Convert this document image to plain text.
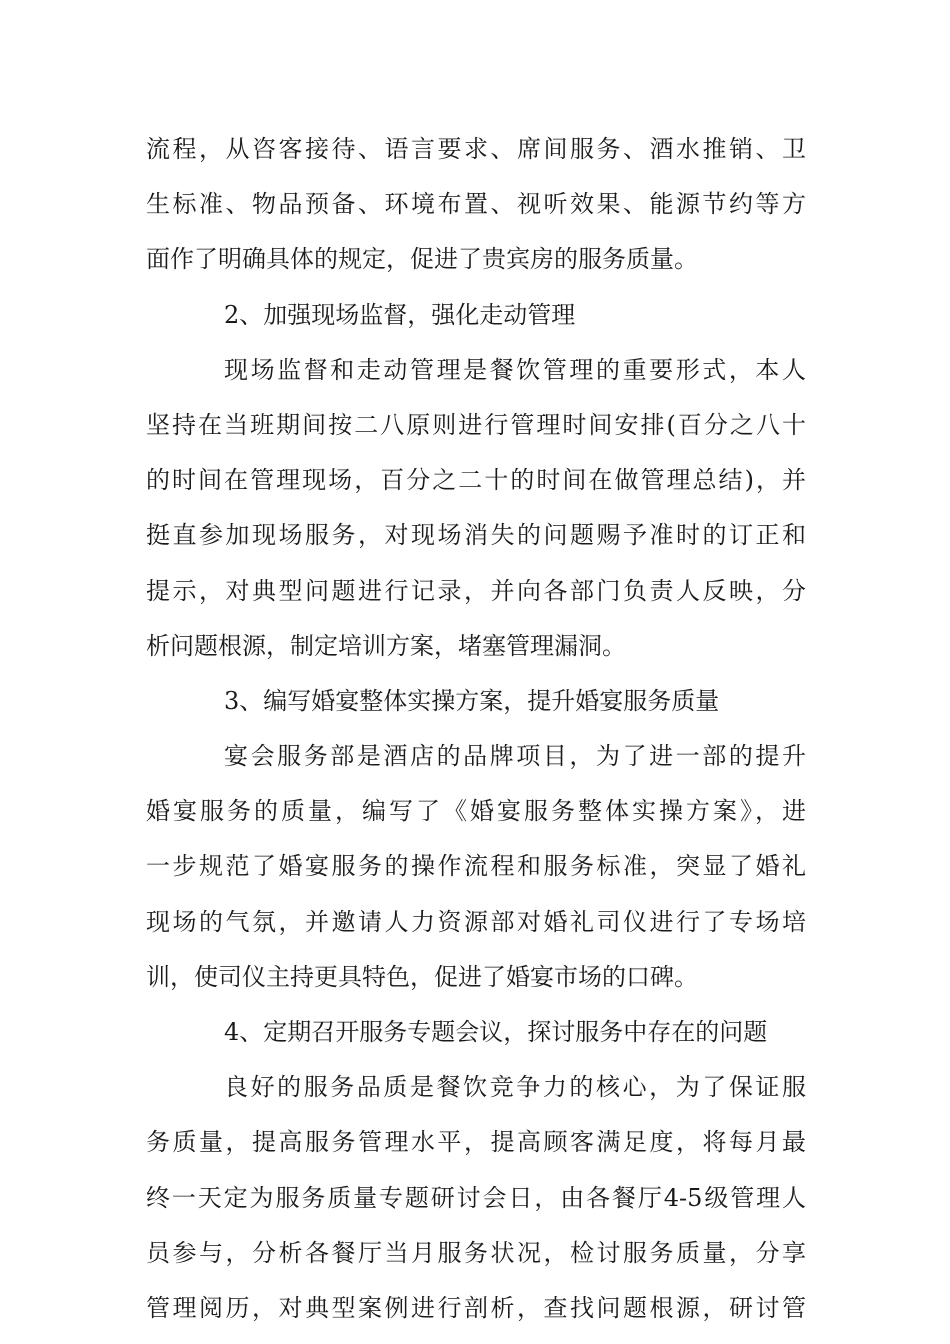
流程，从咨客接待、语言要求、席间服务、酒水推销、卫
生标准、物品预备、环境布置、视听效果、能源节约等方
面作了明确具体的规定，促进了贵宾房的服务质量。
2、加强现场监督，强化走动管理
现场监督和走动管理是餐饮管理的重要形式，本人
坚持在当班期间按二八原则进行管理时间安排(百分之八十
的时间在管理现场，百分之二十的时间在做管理总结)，并
挺直参加现场服务，对现场消失的问题赐予准时的订正和
提示，对典型问题进行记录，并向各部门负责人反映，分
析问题根源，制定培训方案，堵塞管理漏洞。
3、编写婚宴整体实操方案，提升婚宴服务质量
宴会服务部是酒店的品牌项目，为了进一部的提升
婚宴服务的质量，编写了《婚宴服务整体实操方案》，进
一步规范了婚宴服务的操作流程和服务标准，突显了婚礼
现场的气氛，并邀请人力资源部对婚礼司仪进行了专场培
训，使司仪主持更具特色，促进了婚宴市场的口碑。
4、定期召开服务专题会议，探讨服务中存在的问题
良好的服务品质是餐饮竞争力的核心，为了保证服
务质量，提高服务管理水平，提高顾客满足度，将每月最
终一天定为服务质量专题研讨会日，由各餐厅4-5级管理人
员参与，分析各餐厅当月服务状况，检讨服务质量，分享
管理阅历，对典型案例进行剖析，查找问题根源，研讨管
